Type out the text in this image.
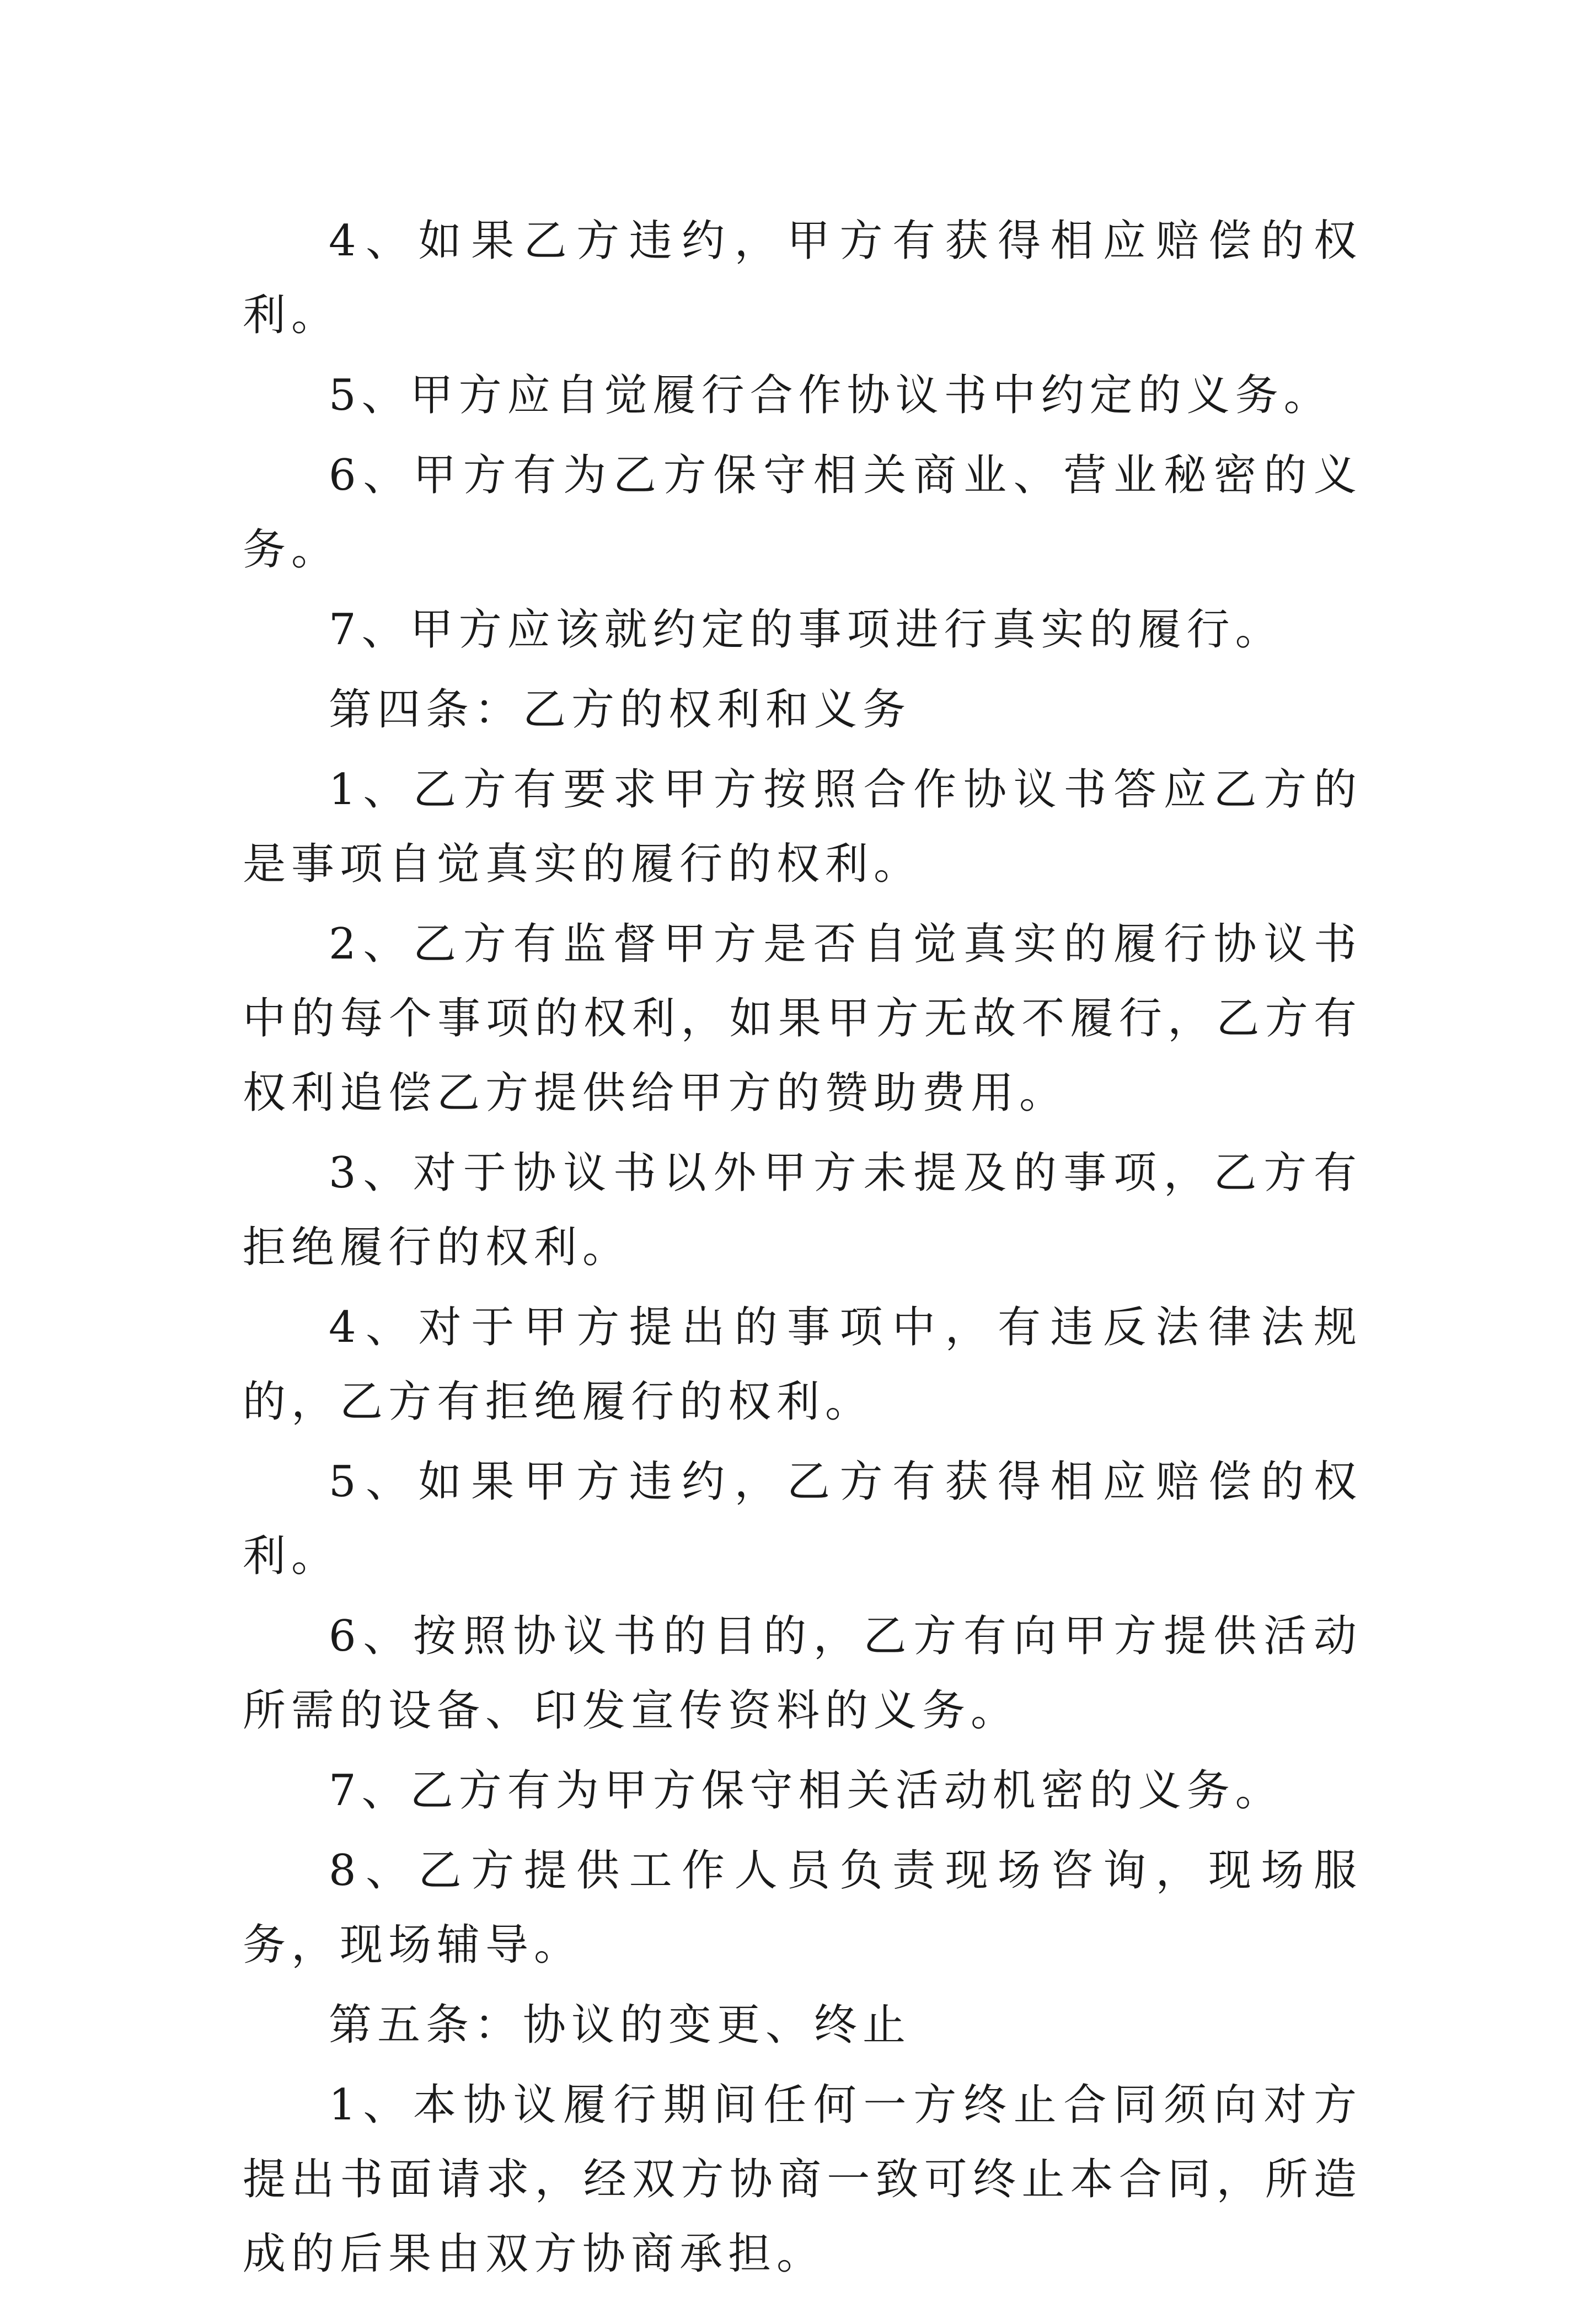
4、如果乙方违约，甲方有获得相应赔偿的权利。

5、甲方应自觉履行合作协议书中约定的义务。

6、甲方有为乙方保守相关商业、营业秘密的义务。

7、甲方应该就约定的事项进行真实的履行。

第四条：乙方的权利和义务

1、乙方有要求甲方按照合作协议书答应乙方的是事项自觉真实的履行的权利。

2、乙方有监督甲方是否自觉真实的履行协议书中的每个事项的权利，如果甲方无故不履行，乙方有权利追偿乙方提供给甲方的赞助费用。

3、对于协议书以外甲方未提及的事项，乙方有拒绝履行的权利。

4、对于甲方提出的事项中，有违反法律法规的，乙方有拒绝履行的权利。

5、如果甲方违约，乙方有获得相应赔偿的权利。

6、按照协议书的目的，乙方有向甲方提供活动所需的设备、印发宣传资料的义务。

7、乙方有为甲方保守相关活动机密的义务。

8、乙方提供工作人员负责现场咨询，现场服务，现场辅导。

第五条：协议的变更、终止

1、本协议履行期间任何一方终止合同须向对方提出书面请求，经双方协商一致可终止本合同，所造成的后果由双方协商承担。
